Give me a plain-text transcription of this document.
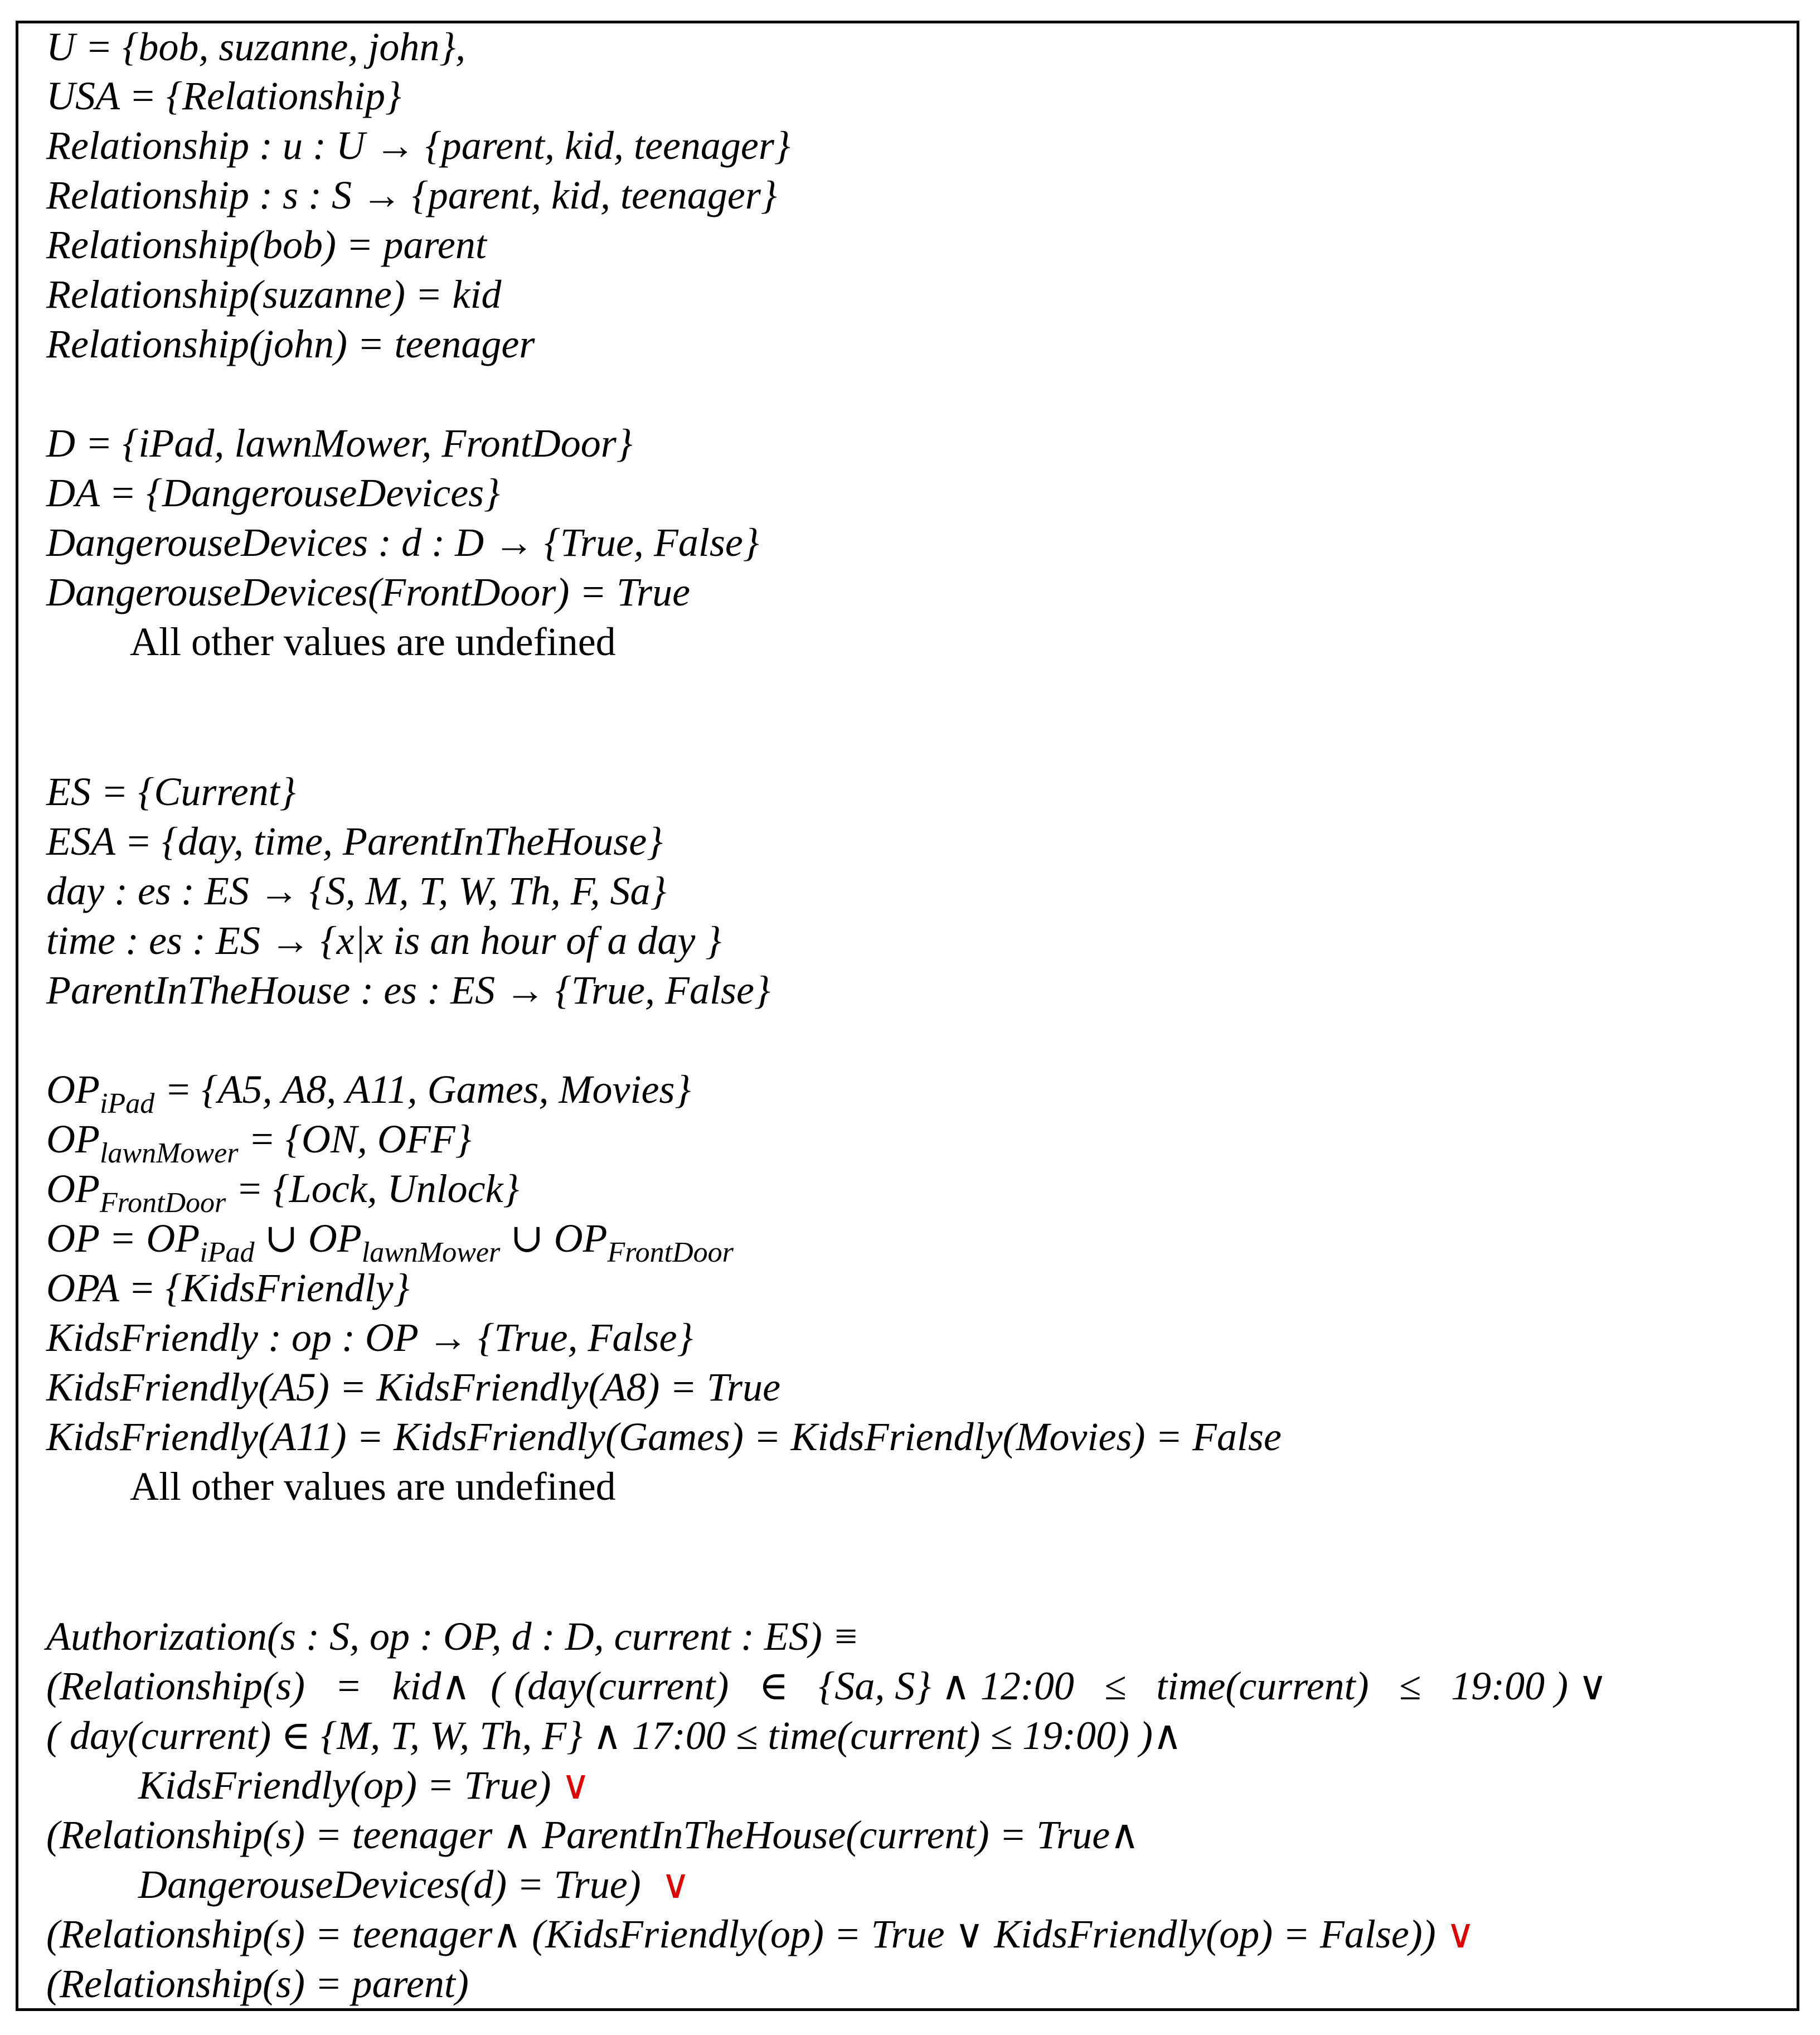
U = {bob, suzanne, john},
USA = {Relationship}
Relationship : u : U → {parent, kid, teenager}
Relationship : s : S → {parent, kid, teenager}
Relationship(bob) = parent
Relationship(suzanne) = kid
Relationship(john) = teenager
D = {iPad, lawnMower, FrontDoor}
DA = {DangerouseDevices}
DangerouseDevices : d : D → {True, False}
DangerouseDevices(FrontDoor) = True
All other values are undefined
ES = {Current}
ESA = {day, time, ParentInTheHouse}
day : es : ES → {S, M, T, W, Th, F, Sa}
time : es : ES → {x|x is an hour of a day }
ParentInTheHouse : es : ES → {True, False}
$OP_{iPad} = \{A5$, A8, A11, Games, Movies}
$OP_{lawnMower} = \{ON$, OFF}
$OP_{FrontDoor}$ = {Lock, Unlock}
OP = $OP_{iPad}$ ∪ $OP_{lawnMower}$ ∪ $OP_{FrontDoor}$
OPA = {KidsFriendly}
KidsFriendly : op : OP → {True, False}
KidsFriendly(A5) = KidsFriendly(A8) = True
KidsFriendly(A11) = KidsFriendly(Games) = KidsFriendly(Movies) = False
All other values are undefined
Authorization(s : S, op : OP, d : D, current : ES) ≡
(Relationship(s)   =   kid∧  ( (day(current)   ∈   {Sa, S} ∧ 12:00   ≤   time(current)   ≤   19:00 ) ∨
( day(current) ∈ {M, T, W, Th, F} ∧ 17:00 ≤ time(current) ≤ 19:00) )∧
KidsFriendly(op) = True) ∨
(Relationship(s) = teenager ∧ ParentInTheHouse(current) = True∧
DangerouseDevices(d) = True) ∨
(Relationship(s) = teenager∧ (KidsFriendly(op) = True ∨ KidsFriendly(op) = False)) ∨
(Relationship(s) = parent)
